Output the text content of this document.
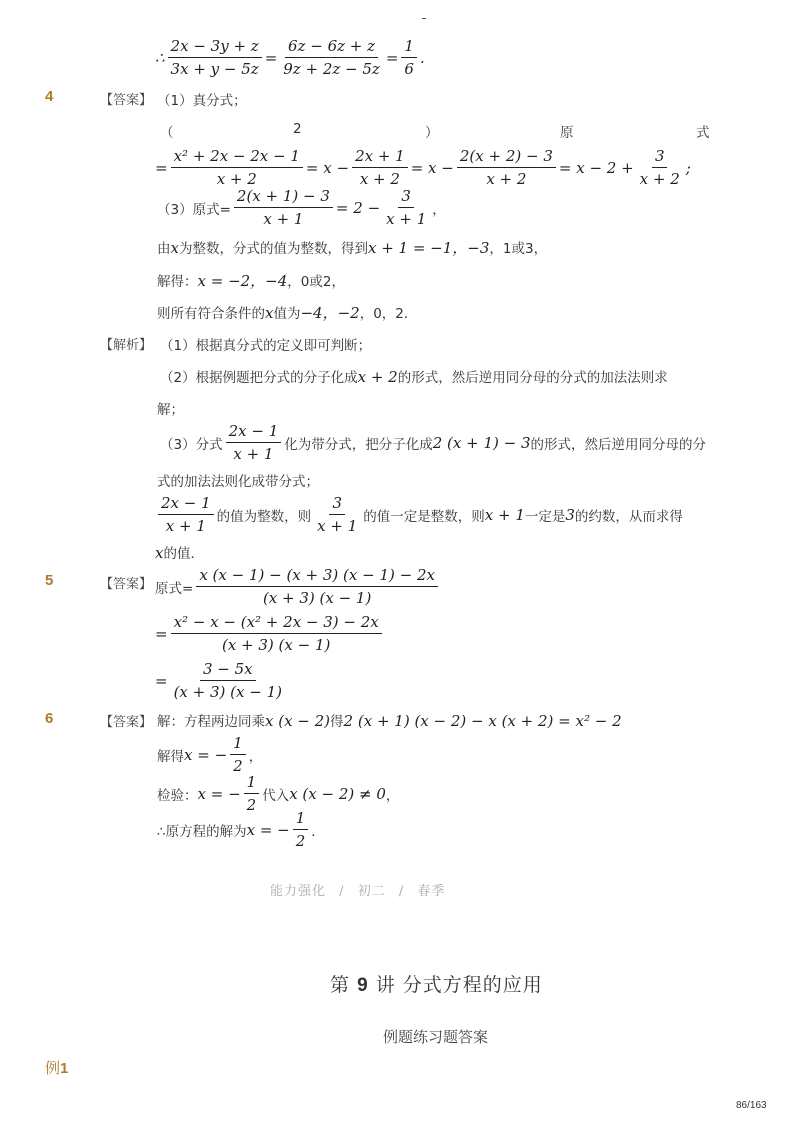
∴ $\frac{2x - 3y + z}{3x + y - 5z} = \frac{6z - 6z + z}{9z + 2z - 5z} = \frac{1}{6}$ .
4	【答案】 （1）真分式；
（	2	）	原	式
= $\frac{\text{x² + 2x − 2x − 1}}{x + 2} = x - \frac{2x + 1}{x + 2} = x - \frac{2(x + 2) - 3}{x + 2} = x - 2 + \frac{3}{x + 2}$ ;
（3）原式= $\frac{2(x + 1) - 3}{x + 1} = 2 - \frac{3}{x + 1}$ ，
由x为整数，分式的值为整数，得到x + 1 = −1，−3，1或3，
解得：x = −2，−4，0或2，
则所有符合条件的x值为−4，−2，0，2．
【解析】 （1）根据真分式的定义即可判断；
（2）根据例题把分式的分子化成x + 2的形式，然后逆用同分母的分式的加法法则求
解；
（3）分式 $\frac{2x - 1}{x + 1}$ 化为带分式，把分子化成 2 (x + 1) − 3 的形式，然后逆用同分母的分
式的加法法则化成带分式；
$\frac{2x - 1}{x + 1}$ 的值为整数，则 $\frac{3}{x + 1}$ 的值一定是整数，则 x + 1 一定是 3 的约数，从而求得
x的值．
5	【答案】 原式= $\frac{x (x - 1) - (x + 3) (x - 1) - 2x}{(x + 3) (x - 1)}$
= $\frac{\text{x² − x − (x² + 2x − 3) − 2x}}{(x + 3) (x - 1)}$
= $\frac{3 - 5x}{(x + 3) (x - 1)}$
6	【答案】 解：方程两边同乘x (x − 2)得2 (x + 1) (x − 2) − x (x + 2) = x² − 2
解得 x = − $\frac{1}{2}$ ，
检验： x = − $\frac{1}{2}$ 代入 x (x − 2) ≠ 0 ，
∴原方程的解为 x = − $\frac{1}{2}$ ．
能力强化 / 初二 / 春季
第 9 讲 分式方程的应用
例题练习题答案
例1
86/163
